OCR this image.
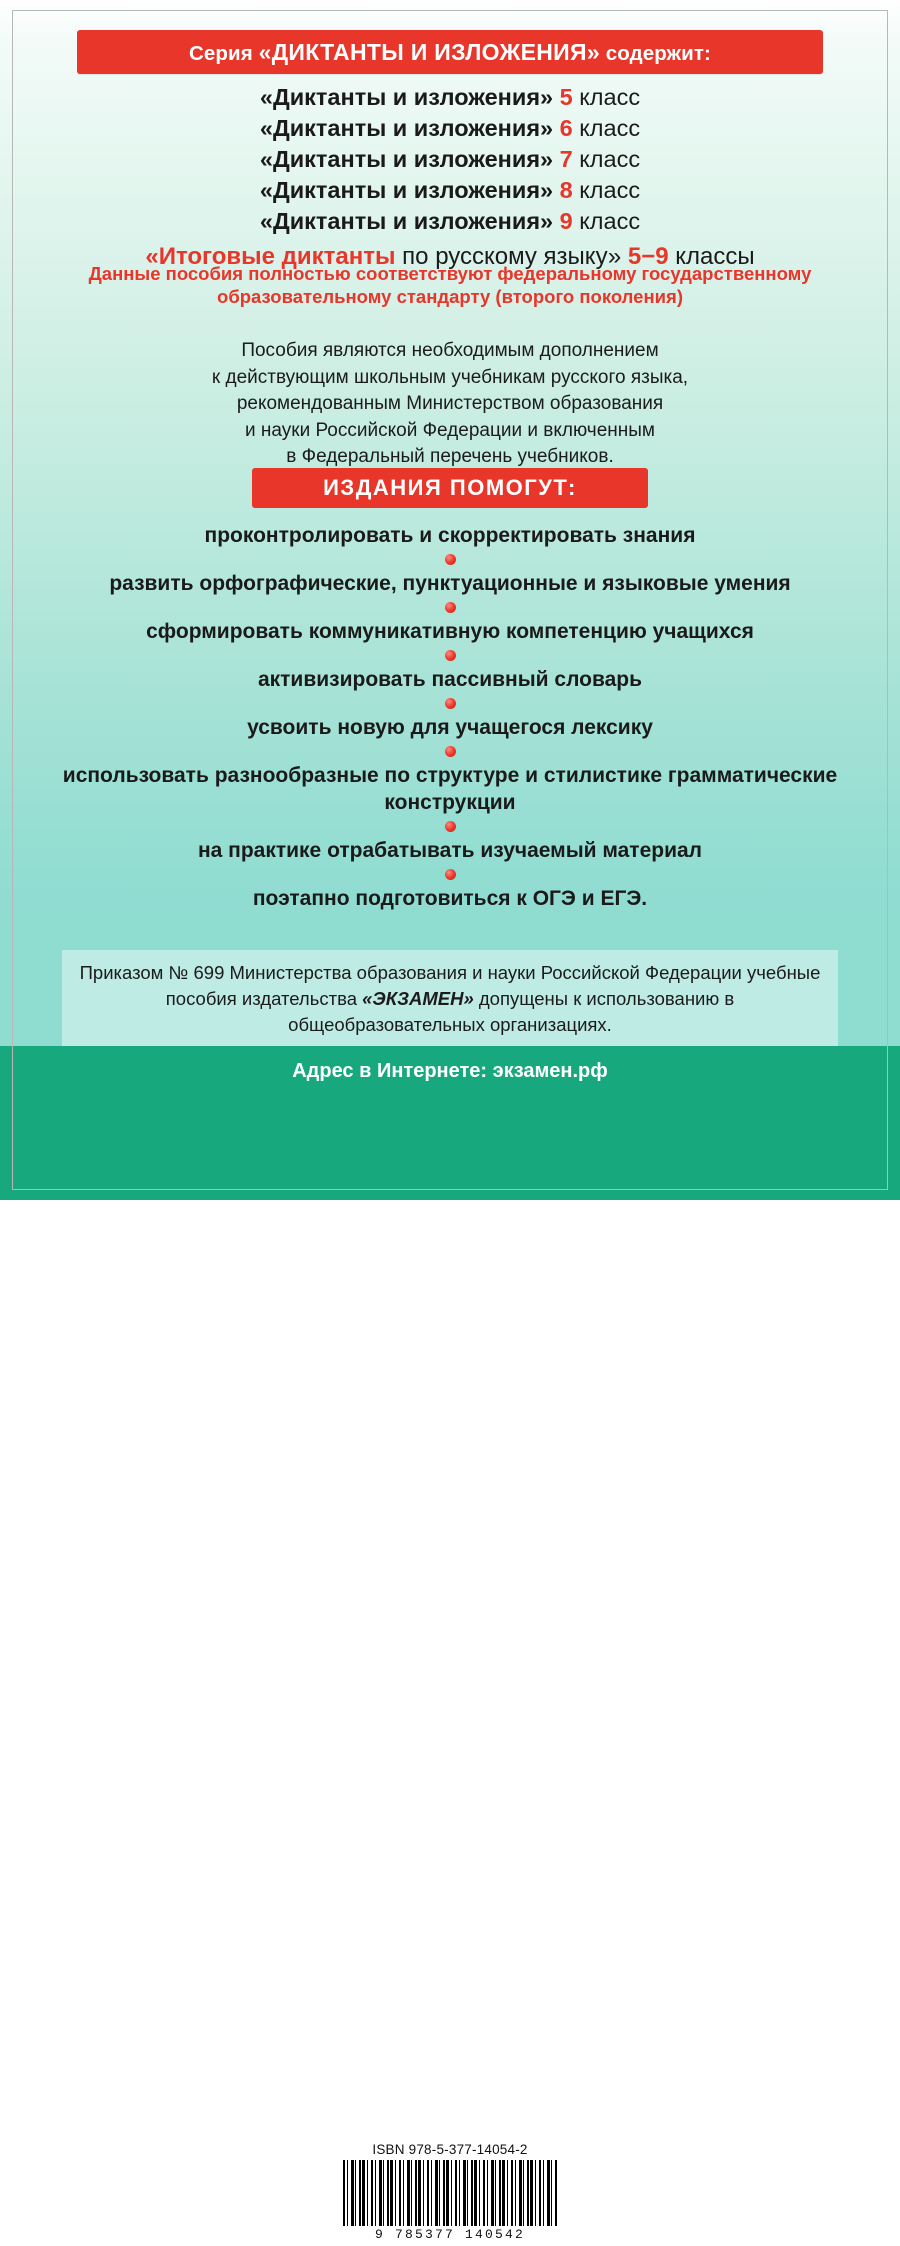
Серия «ДИКТАНТЫ И ИЗЛОЖЕНИЯ» содержит:
«Диктанты и изложения» 5 класс
«Диктанты и изложения» 6 класс
«Диктанты и изложения» 7 класс
«Диктанты и изложения» 8 класс
«Диктанты и изложения» 9 класс
«Итоговые диктанты по русскому языку» 5−9 классы
Данные пособия полностью соответствуют федеральному государственному образовательному стандарту (второго поколения)
Пособия являются необходимым дополнением
к действующим школьным учебникам русского языка,
рекомендованным Министерством образования
и науки Российской Федерации и включенным
в Федеральный перечень учебников.
ИЗДАНИЯ ПОМОГУТ:
проконтролировать и скорректировать знания
развить орфографические, пунктуационные и языковые умения
сформировать коммуникативную компетенцию учащихся
активизировать пассивный словарь
усвоить новую для учащегося лексику
использовать разнообразные по структуре и стилистике грамматические конструкции
на практике отрабатывать изучаемый материал
поэтапно подготовиться к ОГЭ и ЕГЭ.
Приказом № 699 Министерства образования и науки Российской Федерации учебные пособия издательства «ЭКЗАМЕН» допущены к использованию в общеобразовательных организациях.
Адрес в Интернете: экзамен.рф
ISBN 978-5-377-14054-2
9 785377 140542
